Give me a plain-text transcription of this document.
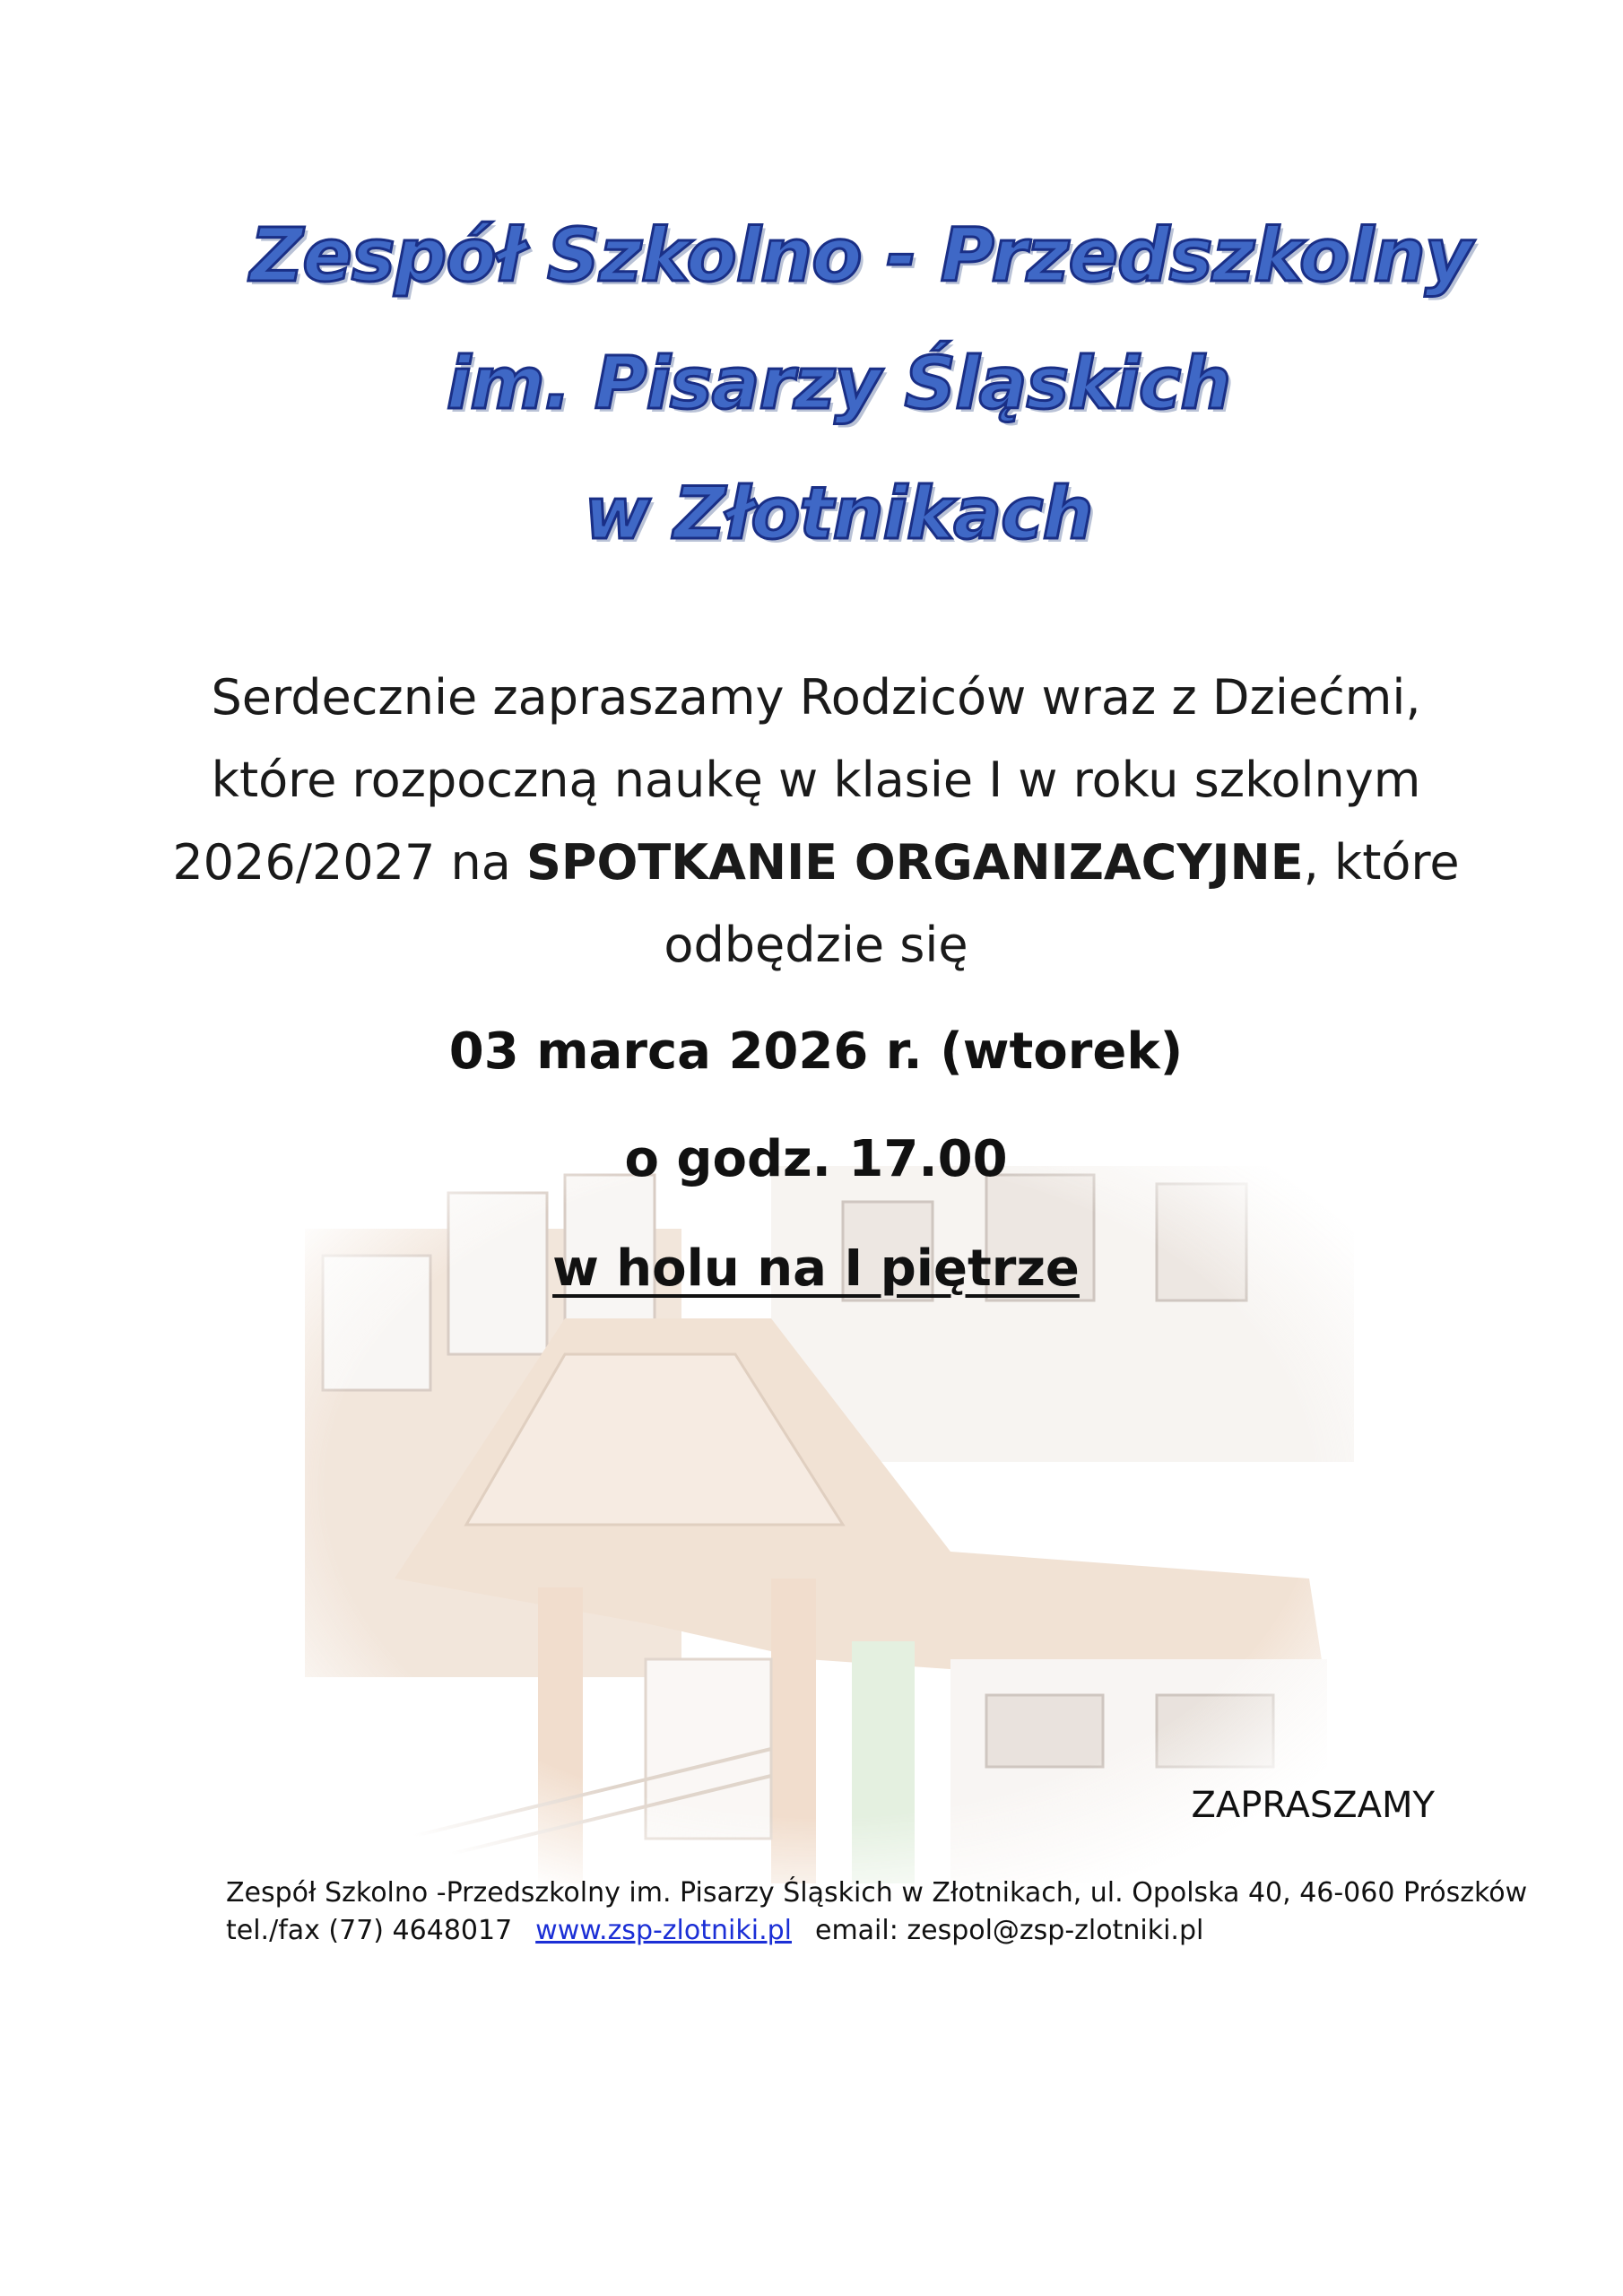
Zespół Szkolno - Przedszkolny
im. Pisarzy Śląskich
w Złotnikach
Serdecznie zapraszamy Rodziców wraz z Dziećmi,
które rozpoczną naukę w klasie I w roku szkolnym
2026/2027 na SPOTKANIE ORGANIZACYJNE, które
odbędzie się
03 marca 2026 r. (wtorek)
o godz. 17.00
w holu na I piętrze
ZAPRASZAMY
Zespół Szkolno -Przedszkolny im. Pisarzy Śląskich w Złotnikach, ul. Opolska 40, 46-060 Prószków
tel./fax (77) 4648017 www.zsp-zlotniki.pl email: zespol@zsp-zlotniki.pl
